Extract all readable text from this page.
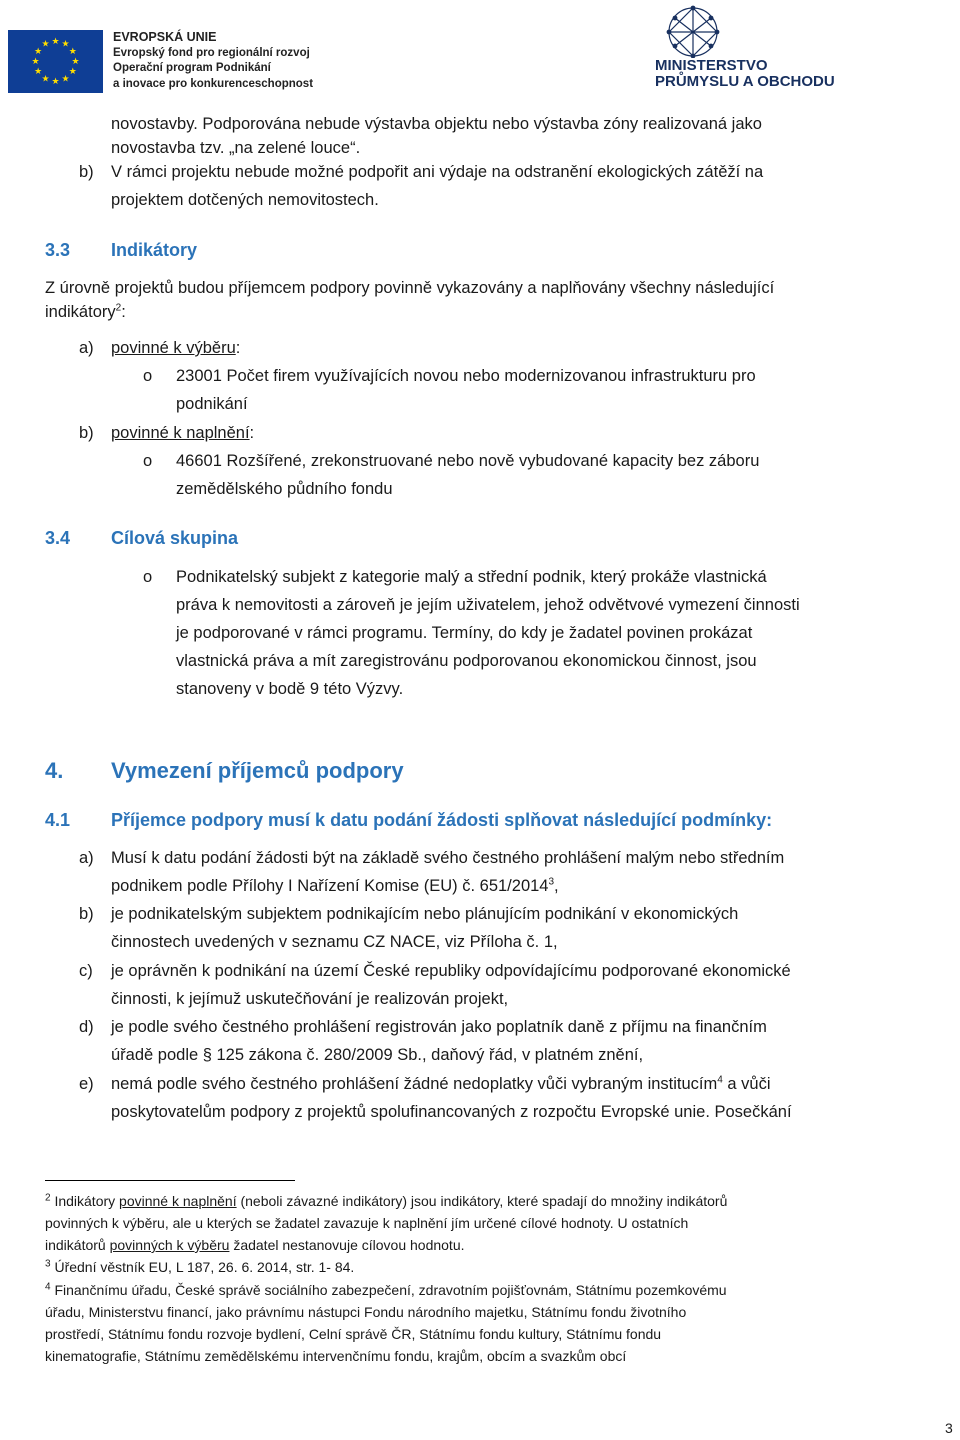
★ ★
★
★
★
★
★
★
★
★
★
★
EVROPSKÁ UNIE
Evropský fond pro regionální rozvoj
Operační program Podnikání
a inovace pro konkurenceschopnost
MINISTERSTVO
PRŮMYSLU A OBCHODU
novostavby. Podporována nebude výstavba objektu nebo výstavba zóny realizovaná jako
novostavba tzv. „na zelené louce“.
b) V rámci projektu nebude možné podpořit ani výdaje na odstranění ekologických zátěží na
projektem dotčených nemovitostech.
3.3 Indikátory
Z úrovně projektů budou příjemcem podpory povinně vykazovány a naplňovány všechny následující
indikátory$^2$:
a) povinné k výběru:
o 23001 Počet firem využívajících novou nebo modernizovanou infrastrukturu pro
podnikání
b) povinné k naplnění:
o 46601 Rozšířené, zrekonstruované nebo nově vybudované kapacity bez záboru
zemědělského půdního fondu
3.4 Cílová skupina
o Podnikatelský subjekt z kategorie malý a střední podnik, který prokáže vlastnická
práva k nemovitosti a zároveň je jejím uživatelem, jehož odvětvové vymezení činnosti
je podporované v rámci programu. Termíny, do kdy je žadatel povinen prokázat
vlastnická práva a mít zaregistrovánu podporovanou ekonomickou činnost, jsou
stanoveny v bodě 9 této Výzvy.
4. Vymezení příjemců podpory
4.1 Příjemce podpory musí k datu podání žádosti splňovat následující podmínky:
a) Musí k datu podání žádosti být na základě svého čestného prohlášení malým nebo středním
podnikem podle Přílohy I Nařízení Komise (EU) č. 651/2014$^3$,
b) je podnikatelským subjektem podnikajícím nebo plánujícím podnikání v ekonomických
činnostech uvedených v seznamu CZ NACE, viz Příloha č. 1,
c) je oprávněn k podnikání na území České republiky odpovídajícímu podporované ekonomické
činnosti, k jejímuž uskutečňování je realizován projekt,
d) je podle svého čestného prohlášení registrován jako poplatník daně z příjmu na finančním
úřadě podle § 125 zákona č. 280/2009 Sb., daňový řád, v platném znění,
e) nemá podle svého čestného prohlášení žádné nedoplatky vůči vybraným institucím$^4$ a vůči
poskytovatelům podpory z projektů spolufinancovaných z rozpočtu Evropské unie. Posečkání
$^2$ Indikátory povinné k naplnění (neboli závazné indikátory) jsou indikátory, které spadají do množiny indikátorů
povinných k výběru, ale u kterých se žadatel zavazuje k naplnění jím určené cílové hodnoty. U ostatních
indikátorů povinných k výběru žadatel nestanovuje cílovou hodnotu.
$^3$ Úřední věstník EU, L 187, 26. 6. 2014, str. 1- 84.
$^4$ Finančnímu úřadu, České správě sociálního zabezpečení, zdravotním pojišťovnám, Státnímu pozemkovému
úřadu, Ministerstvu financí, jako právnímu nástupci Fondu národního majetku, Státnímu fondu životního
prostředí, Státnímu fondu rozvoje bydlení, Celní správě ČR, Státnímu fondu kultury, Státnímu fondu
kinematografie, Státnímu zemědělskému intervenčnímu fondu, krajům, obcím a svazkům obcí
3
